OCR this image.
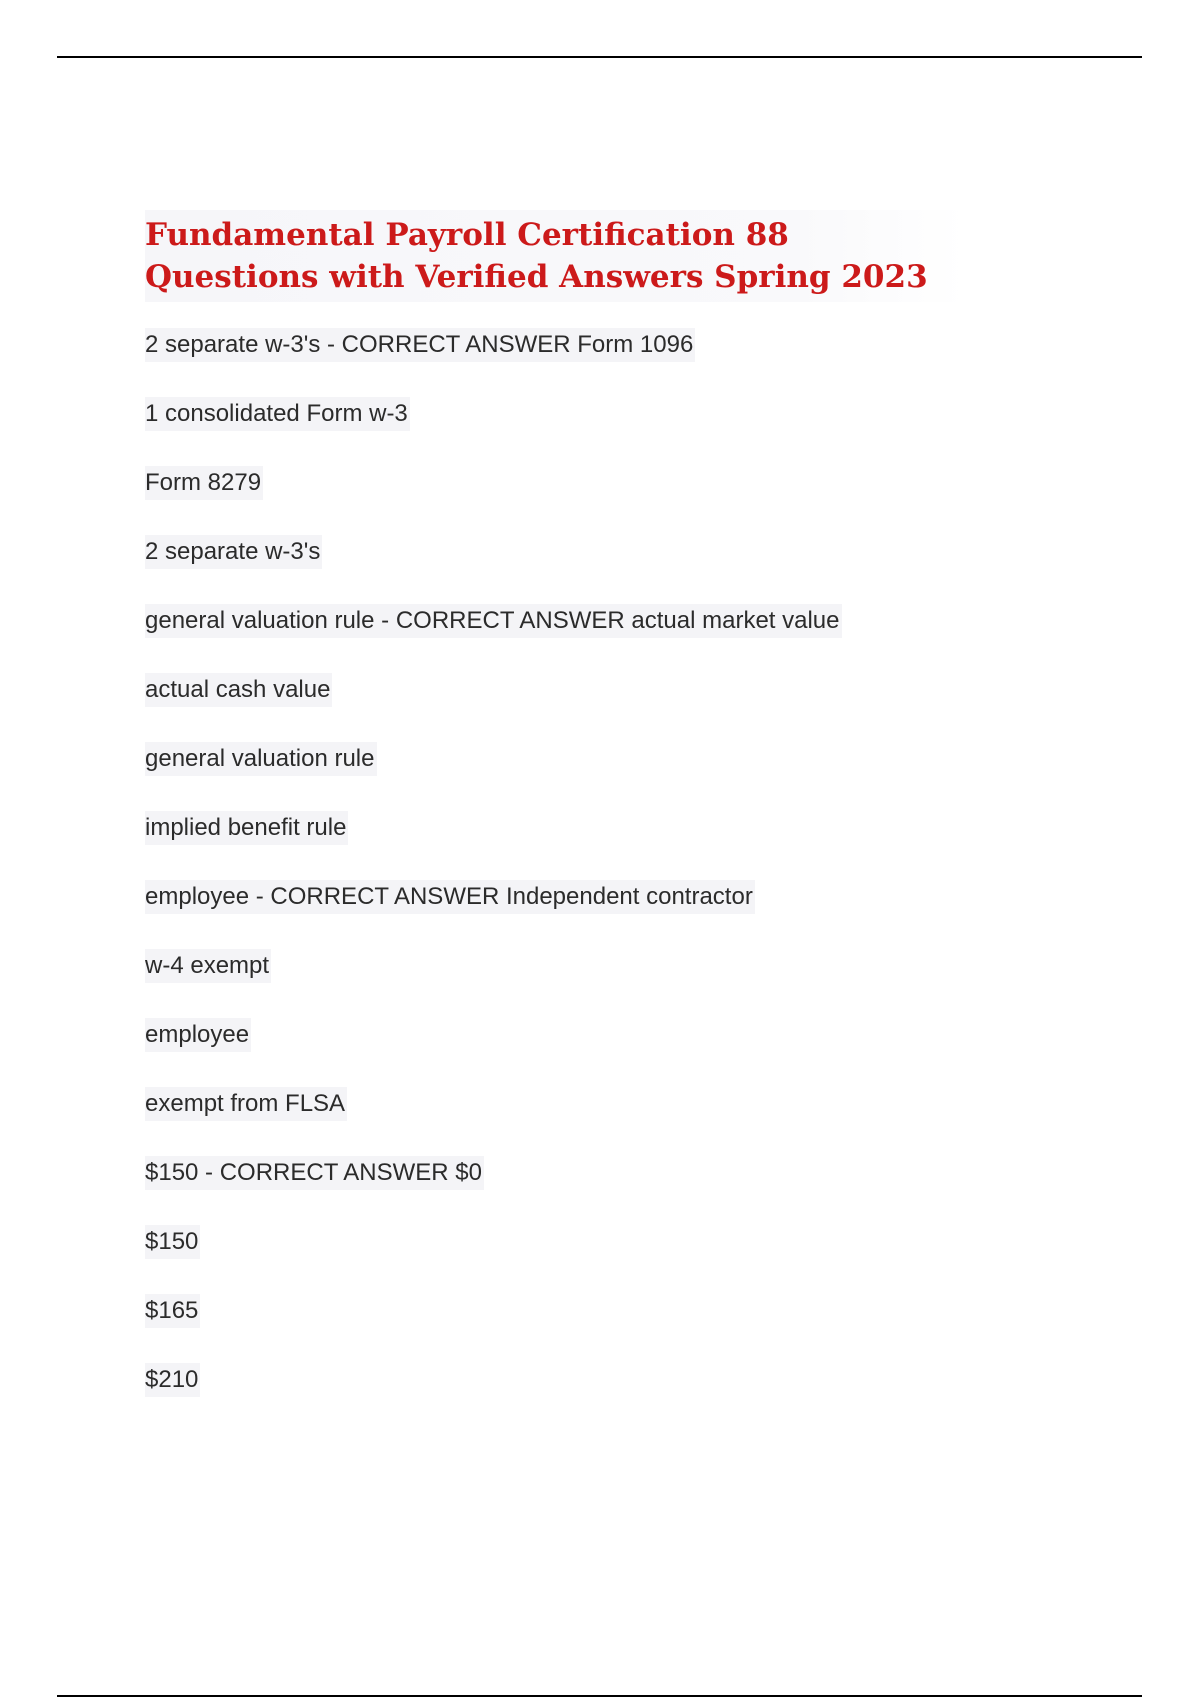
Fundamental Payroll Certification 88 Questions with Verified Answers Spring 2023
2 separate w-3's - CORRECT ANSWER Form 1096
1 consolidated Form w-3
Form 8279
2 separate w-3's
general valuation rule - CORRECT ANSWER actual market value
actual cash value
general valuation rule
implied benefit rule
employee - CORRECT ANSWER Independent contractor
w-4 exempt
employee
exempt from FLSA
$150 - CORRECT ANSWER $0
$150
$165
$210
